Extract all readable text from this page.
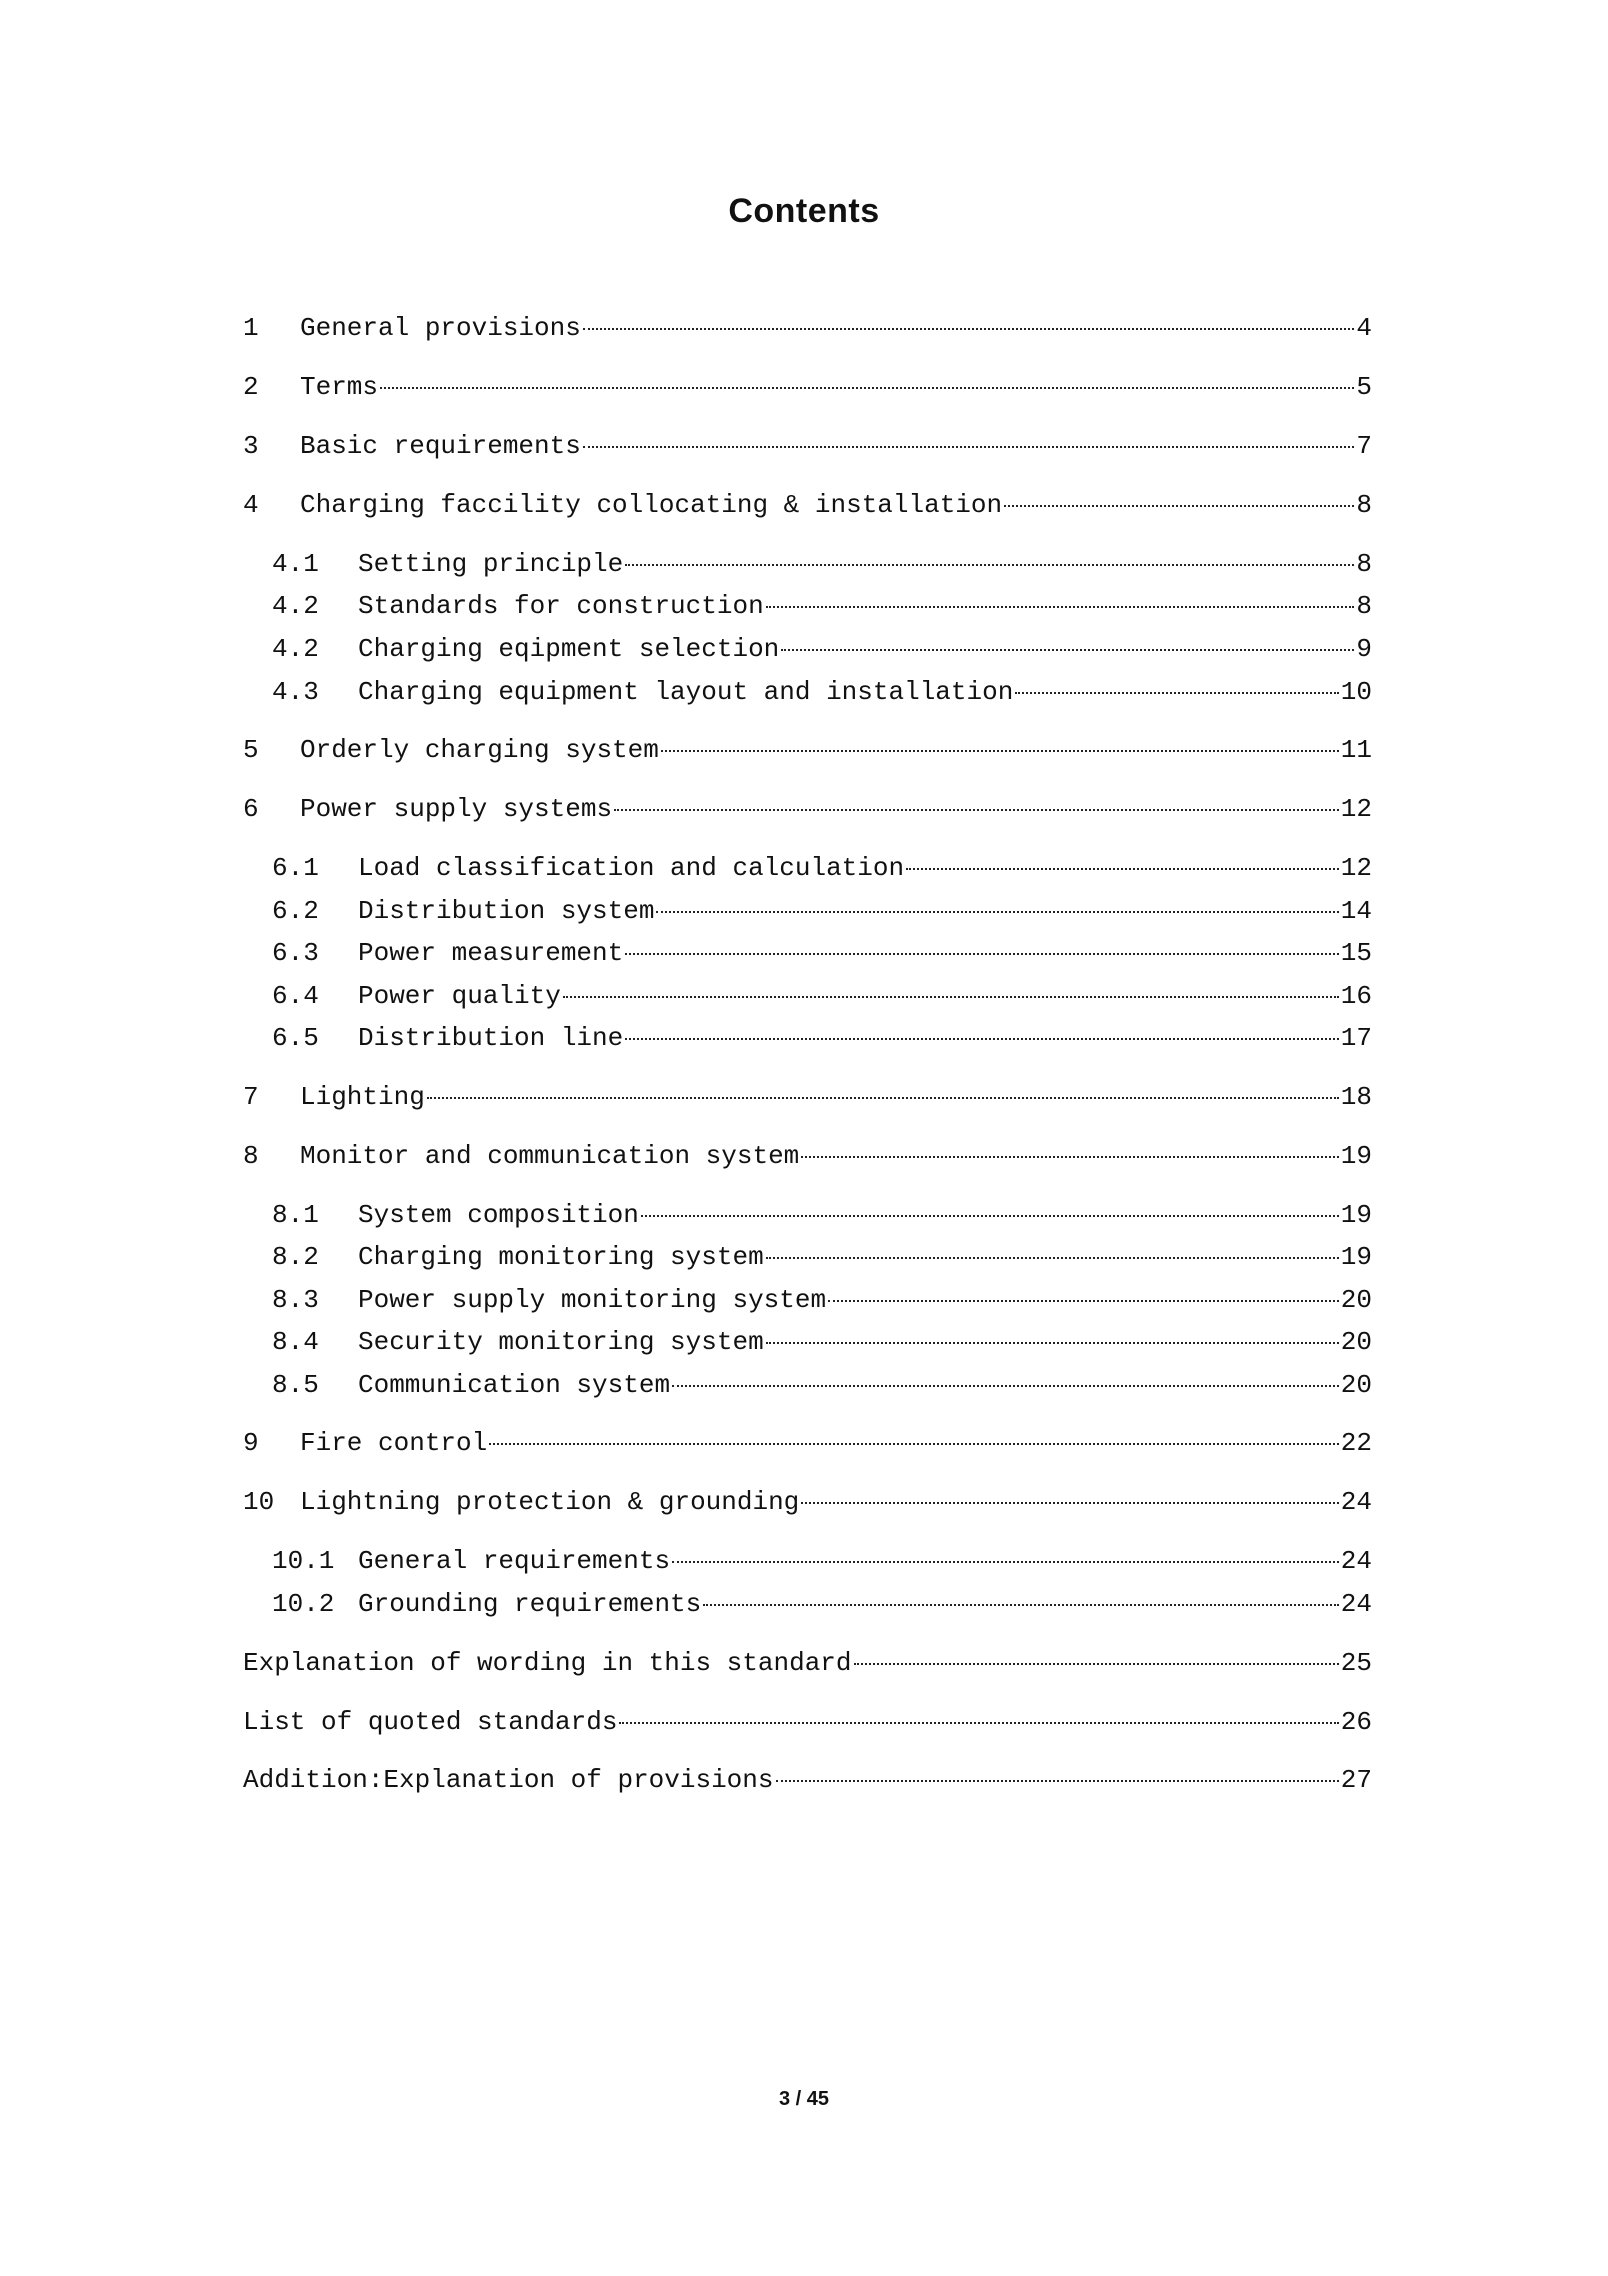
Contents
1	General provisions	4
2	Terms	5
3	Basic requirements	7
4	Charging faccility collocating & installation	8
4.1	Setting principle	8
4.2	Standards for construction	8
4.2	Charging eqipment selection	9
4.3	Charging equipment layout and installation	10
5	Orderly charging system	11
6	Power supply systems	12
6.1	Load classification and calculation	12
6.2	Distribution system	14
6.3	Power measurement	15
6.4	Power quality	16
6.5	Distribution line	17
7	Lighting	18
8	Monitor and communication system	19
8.1	System composition	19
8.2	Charging monitoring system	19
8.3	Power supply monitoring system	20
8.4	Security monitoring system	20
8.5	Communication system	20
9	Fire control	22
10 Lightning protection & grounding	24
10.1 General requirements	24
10.2 Grounding requirements	24
Explanation of wording in this standard	25
List of quoted standards	26
Addition:Explanation of provisions	27
3 / 45
